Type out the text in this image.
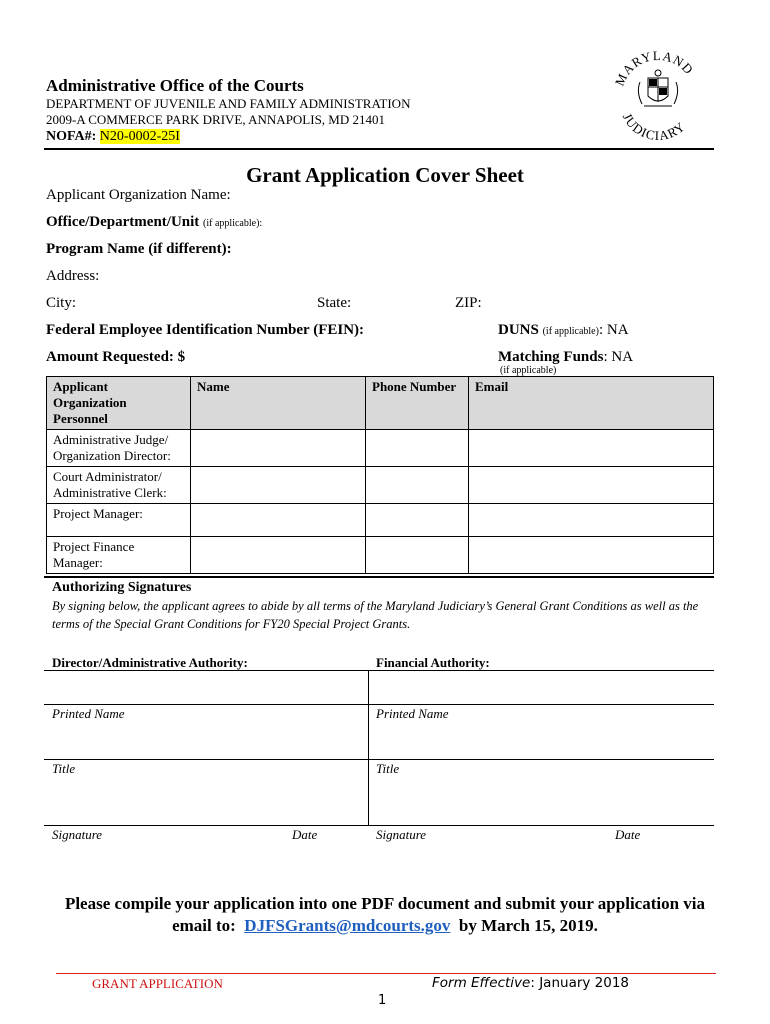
Administrative Office of the Courts
DEPARTMENT OF JUVENILE AND FAMILY ADMINISTRATION
2009-A COMMERCE PARK DRIVE, ANNAPOLIS, MD 21401
NOFA#: N20-0002-25I
MARYLAND
JUDICIARY
Grant Application Cover Sheet
Applicant Organization Name:
Office/Department/Unit (if applicable):
Program Name (if different):
Address:
City:	State:	ZIP:
Federal Employee Identification Number (FEIN):	DUNS (if applicable): NA
Amount Requested: $	Matching Funds: NA
(if applicable)
Applicant Organization Personnel	Name	Phone Number	Email
Administrative Judge/ Organization Director:			
Court Administrator/ Administrative Clerk:			
Project Manager:			
Project Finance Manager:			
Authorizing Signatures
By signing below, the applicant agrees to abide by all terms of the Maryland Judiciary’s General Grant Conditions as well as the terms of the Special Grant Conditions for FY20 Special Project Grants.
Director/Administrative Authority:	Financial Authority:
Printed Name	Printed Name
Title	Title
Signature	Date	Signature	Date
Please compile your application into one PDF document and submit your application via
email to: DJFSGrants@mdcourts.gov by March 15, 2019.
GRANT APPLICATION	Form Effective: January 2018
1
